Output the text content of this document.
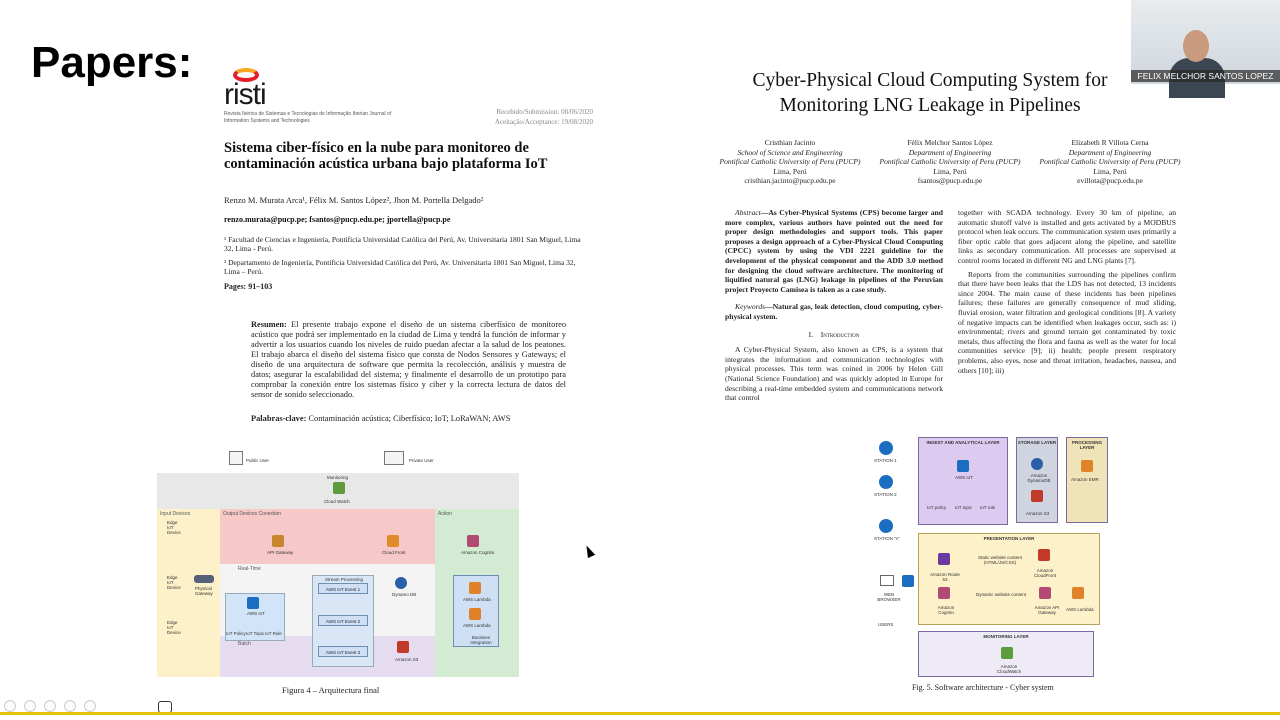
Papers:
risti
Revista Ibérica de Sistemas e Tecnologias de Informação Iberian Journal of Information Systems and Technologies
Recebido/Submission: 08/06/2020
Aceitação/Acceptance: 19/08/2020
Sistema ciber-físico en la nube para monitoreo de contaminación acústica urbana bajo plataforma IoT
Renzo M. Murata Arca¹, Félix M. Santos López², Jhon M. Portella Delgado²
renzo.murata@pucp.pe; fsantos@pucp.edu.pe; jportella@pucp.pe
¹ Facultad de Ciencias e Ingeniería, Pontificia Universidad Católica del Perú, Av. Universitaria 1801 San Miguel, Lima 32, Lima - Perú.
² Departamento de Ingeniería, Pontificia Universidad Católica del Perú, Av. Universitaria 1801 San Miguel, Lima 32, Lima – Perú.
Pages: 91–103
Resumen: El presente trabajo expone el diseño de un sistema ciberfísico de monitoreo acústico que podrá ser implementado en la ciudad de Lima y tendrá la función de informar y advertir a los usuarios cuando los niveles de ruido puedan afectar a la salud de los peatones. El trabajo abarca el diseño del sistema físico que consta de Nodos Sensores y Gateways; el diseño de una arquitectura de software que permita la recolección, análisis y muestra de datos; asegurar la escalabilidad del sistema; y finalmente el desarrollo de un prototipo para comprobar la conexión entre los sistemas físico y ciber y la correcta lectura de datos del sensor de sonido seleccionado.
Palabras-clave: Contaminación acústica; Ciberfísico; IoT; LoRaWAN; AWS
Figura 4 – Arquitectura final
Public User	Private User
Monitoring
Cloud Watch
Input Devices	Output Devices Conection	Action
Real-Time
Batch
API Gateway	Cloud Front	Amazon Cognito
Edge IoT Device
Edge IoT Device
Edge IoT Device
Physical Gateway
AWS IoT
IoT Policy IoT Topic IoT Rule
Stream Processing
AWS IoT Event 1
AWS IoT Event 2
AWS IoT Event 3
Dynamo DB
Amazon S3
AWS Lambda
AWS Lambda
Bussines Integration
Cyber-Physical Cloud Computing System for Monitoring LNG Leakage in Pipelines
Cristhian Jacinto
School of Science and Engineering
Pontifical Catholic University of Peru (PUCP)
Lima, Perú
cristhian.jacinto@pucp.edu.pe
Félix Melchor Santos López
Department of Engineering
Pontifical Catholic University of Peru (PUCP)
Lima, Perú
fsantos@pucp.edu.pe
Elizabeth R Villota Cerna
Department of Engineering
Pontifical Catholic University of Peru (PUCP)
Lima, Perú
evillota@pucp.edu.pe

Abstract—As Cyber-Physical Systems (CPS) become larger and more complex, various authors have pointed out the need for proper design methodologies and support tools. This paper proposes a design approach of a Cyber-Physical Cloud Computing (CPCC) system by using the VDI 2221 guideline for the development of the physical component and the ADD 3.0 method for designing the cloud software architecture. The monitoring of liquified natural gas (LNG) leakage in pipelines of the Peruvian project Proyecto Camisea is taken as a case study.

Keywords—Natural gas, leak detection, cloud computing, cyber-physical system.

I. Introduction

A Cyber-Physical System, also known as CPS, is a system that integrates the information and communication technologies with physical processes. This term was coined in 2006 by Helen Gill (National Science Foundation) and was quickly adopted in Europe for describing a real-time embedded system and communications network that control

together with SCADA technology. Every 30 km of pipeline, an automatic shutoff valve is installed and gets activated by a MODBUS protocol when leak occurs. The communication system uses primarily a fiber optic cable that goes adjacent along the pipeline, and satellite links as secondary communication. All processes are supervised at control rooms located in different NG and LNG plants [7].

Reports from the communities surrounding the pipelines confirm that there have been leaks that the LDS has not detected, 13 incidents since 2004. The main cause of these incidents has been pipelines failures; these failures are generally consequence of mud sliding, fluvial erosion, water filtration and geological conditions [8]. A variety of negative impacts can be identified when leakages occur, such as: i) environmental; rivers and ground terrain get contaminated by toxic metals, thus affecting the flora and fauna as well as the water for local communities service [9]; ii) health; people present respiratory problems, also eyes, nose and throat irritation, headaches, nausea, and others [10]; iii)

Fig. 5. Software architecture - Cyber system
STATION 1
STATION 2
STATION "n"
INGEST AND ANALYTICAL LAYER
AWS IoT
IoT policy IoT topic IoT rule
STORAGE LAYER
Amazon DynamoDB
Amazon S3
PROCESSING LAYER
Amazon EMR
PRESENTATION LAYER
Amazon Route 53
Static website content (HTML/JS/CSS)
Amazon CloudFront
Amazon Cognito
Dynamic website content
Amazon API Gateway
AWS Lambda
WEB BROWSER
USERS
MONITORING LAYER
Amazon CloudWatch
FELIX MELCHOR SANTOS LOPEZ
